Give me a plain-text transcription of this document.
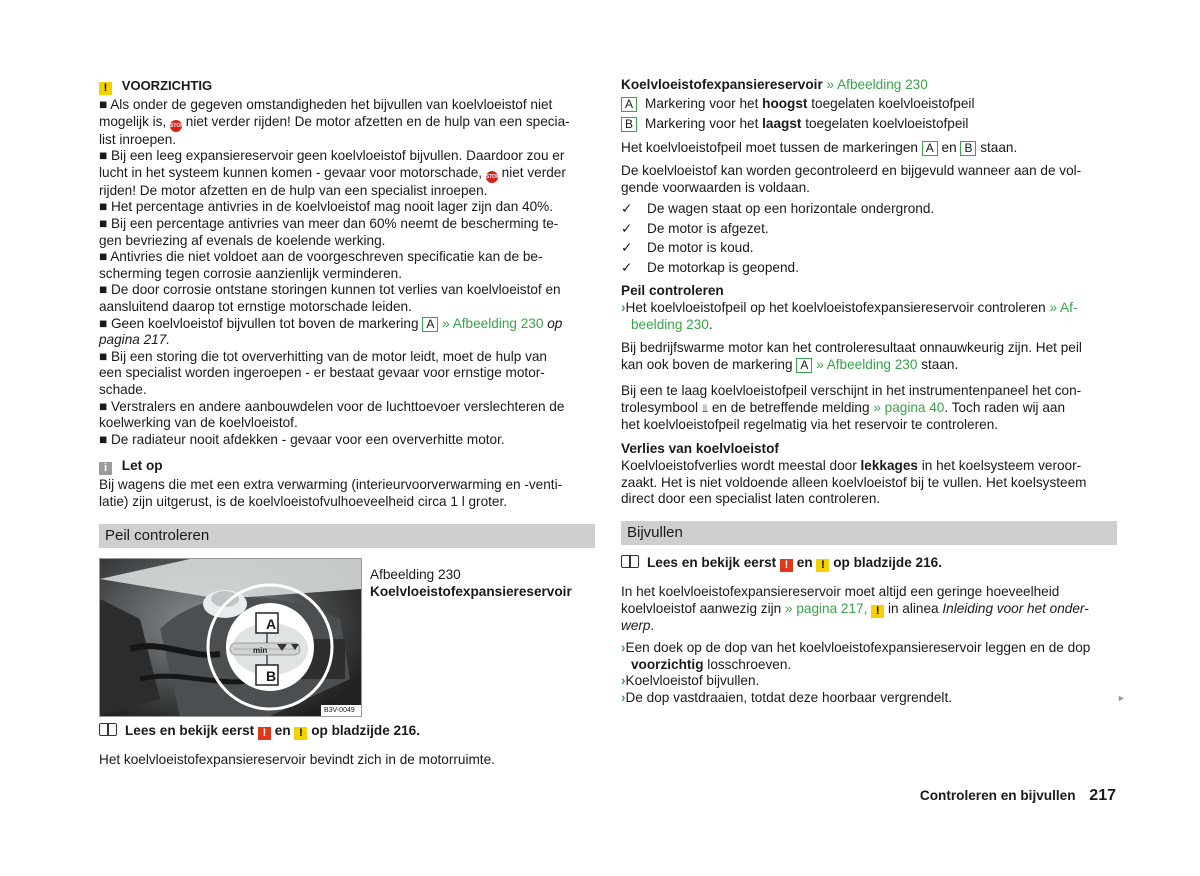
! VOORZICHTIG

■ Als onder de gegeven omstandigheden het bijvullen van koelvloeistof niet
mogelijk is, STOP niet verder rijden! De motor afzetten en de hulp van een specia-
list inroepen.

■ Bij een leeg expansiereservoir geen koelvloeistof bijvullen. Daardoor zou er
lucht in het systeem kunnen komen - gevaar voor motorschade, STOP niet verder
rijden! De motor afzetten en de hulp van een specialist inroepen.

■ Het percentage antivries in de koelvloeistof mag nooit lager zijn dan 40%.

■ Bij een percentage antivries van meer dan 60% neemt de bescherming te-
gen bevriezing af evenals de koelende werking.

■ Antivries die niet voldoet aan de voorgeschreven specificatie kan de be-
scherming tegen corrosie aanzienlijk verminderen.

■ De door corrosie ontstane storingen kunnen tot verlies van koelvloeistof en
aansluitend daarop tot ernstige motorschade leiden.

■ Geen koelvloeistof bijvullen tot boven de markering A » Afbeelding 230 op
pagina 217.

■ Bij een storing die tot oververhitting van de motor leidt, moet de hulp van
een specialist worden ingeroepen - er bestaat gevaar voor ernstige motor-
schade.

■ Verstralers en andere aanbouwdelen voor de luchttoevoer verslechteren de
koelwerking van de koelvloeistof.

■ De radiateur nooit afdekken - gevaar voor een oververhitte motor.

i Let op
Bij wagens die met een extra verwarming (interieurvoorverwarming en -venti-
latie) zijn uitgerust, is de koelvloeistofvulhoeveelheid circa 1 l groter.
Peil controleren
A
B
min
B3V-0049
Afbeelding 230
Koelvloeistofexpansiereservoir
Lees en bekijk eerst ! en ! op bladzijde 216.
Het koelvloeistofexpansiereservoir bevindt zich in de motorruimte.
Koelvloeistofexpansiereservoir » Afbeelding 230
A Markering voor het hoogst toegelaten koelvloeistofpeil
B Markering voor het laagst toegelaten koelvloeistofpeil
Het koelvloeistofpeil moet tussen de markeringen A en B staan.
De koelvloeistof kan worden gecontroleerd en bijgevuld wanneer aan de vol-
gende voorwaarden is voldaan.
✓ De wagen staat op een horizontale ondergrond.
✓ De motor is afgezet.
✓ De motor is koud.
✓ De motorkap is geopend.
Peil controleren
›Het koelvloeistofpeil op het koelvloeistofexpansiereservoir controleren » Af-
beelding 230.
Bij bedrijfswarme motor kan het controleresultaat onnauwkeurig zijn. Het peil
kan ook boven de markering A » Afbeelding 230 staan.
Bij een te laag koelvloeistofpeil verschijnt in het instrumentenpaneel het con-
trolesymbool ⫫ en de betreffende melding » pagina 40. Toch raden wij aan
het koelvloeistofpeil regelmatig via het reservoir te controleren.
Verlies van koelvloeistof
Koelvloeistofverlies wordt meestal door lekkages in het koelsysteem veroor-
zaakt. Het is niet voldoende alleen koelvloeistof bij te vullen. Het koelsysteem
direct door een specialist laten controleren.
Bijvullen
Lees en bekijk eerst ! en ! op bladzijde 216.
In het koelvloeistofexpansiereservoir moet altijd een geringe hoeveelheid
koelvloeistof aanwezig zijn » pagina 217, ! in alinea Inleiding voor het onder-
werp.
›Een doek op de dop van het koelvloeistofexpansiereservoir leggen en de dop
voorzichtig losschroeven.
›Koelvloeistof bijvullen.
›De dop vastdraaien, totdat deze hoorbaar vergrendelt.	►
Controleren en bijvullen 217
